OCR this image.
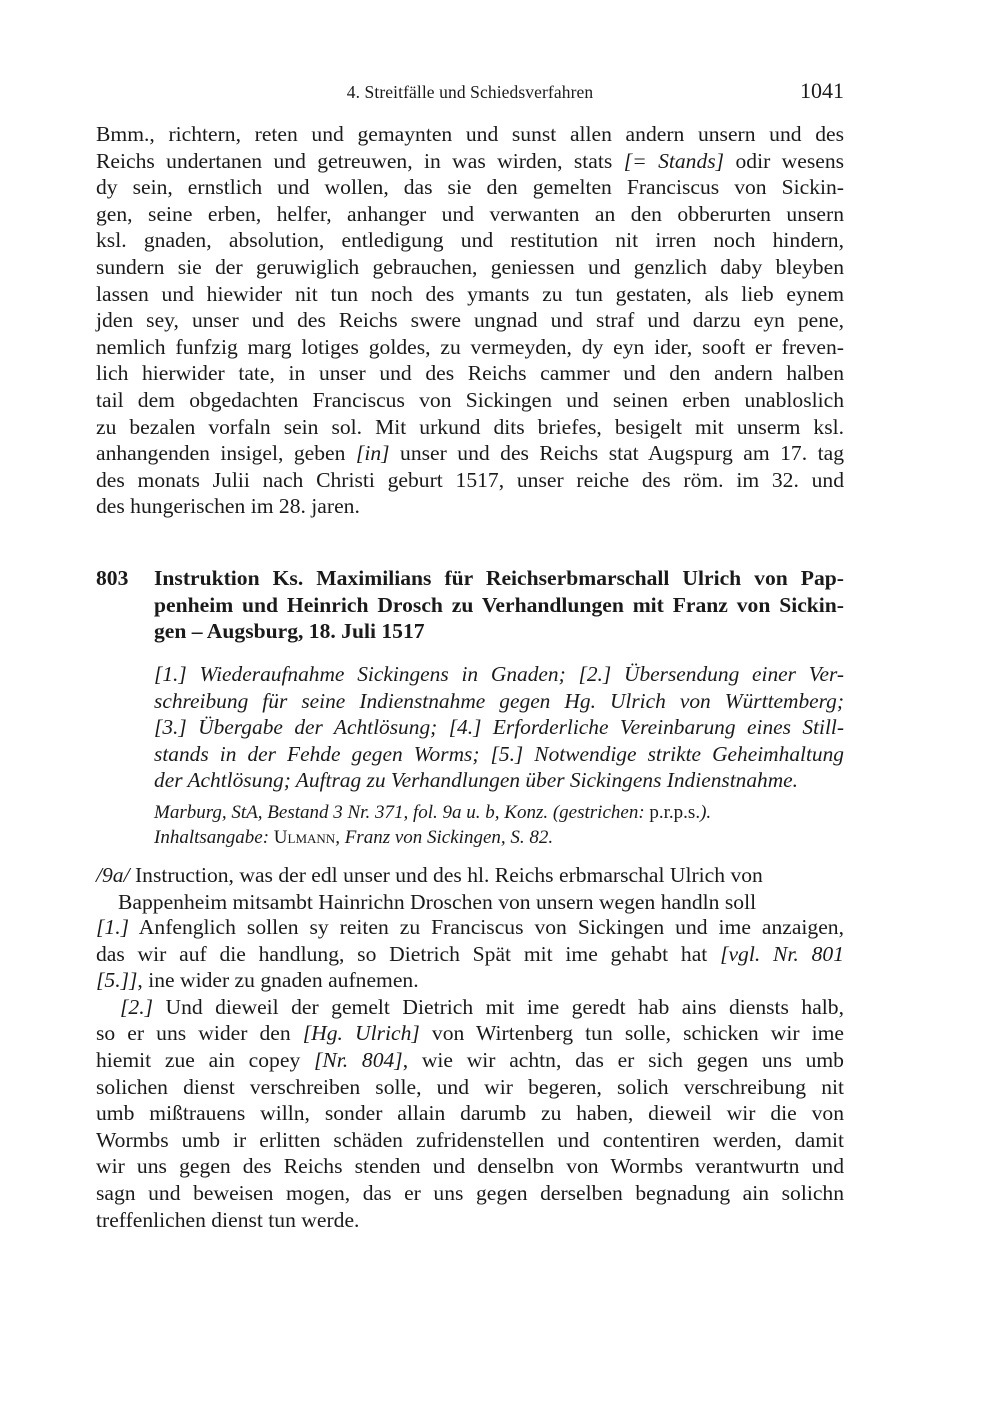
4. Streitfälle und Schiedsverfahren	1041
Bmm., richtern, reten und gemaynten und sunst allen andern unsern und des
Reichs undertanen und getreuwen, in was wirden, stats [= Stands] odir wesens
dy sein, ernstlich und wollen, das sie den gemelten Franciscus von Sickin-
gen, seine erben, helfer, anhanger und verwanten an den obberurten unsern
ksl. gnaden, absolution, entledigung und restitution nit irren noch hindern,
sundern sie der geruwiglich gebrauchen, geniessen und genzlich daby bleyben
lassen und hiewider nit tun noch des ymants zu tun gestaten, als lieb eynem
jden sey, unser und des Reichs swere ungnad und straf und darzu eyn pene,
nemlich funfzig marg lotiges goldes, zu vermeyden, dy eyn ider, sooft er freven-
lich hierwider tate, in unser und des Reichs cammer und den andern halben
tail dem obgedachten Franciscus von Sickingen und seinen erben unabloslich
zu bezalen vorfaln sein sol. Mit urkund dits briefes, besigelt mit unserm ksl.
anhangenden insigel, geben [in] unser und des Reichs stat Augspurg am 17. tag
des monats Julii nach Christi geburt 1517, unser reiche des röm. im 32. und
des hungerischen im 28. jaren.
803 Instruktion Ks. Maximilians für Reichserbmarschall Ulrich von Pap-
penheim und Heinrich Drosch zu Verhandlungen mit Franz von Sickin-
gen – Augsburg, 18. Juli 1517
[1.] Wiederaufnahme Sickingens in Gnaden; [2.] Übersendung einer Ver-
schreibung für seine Indienstnahme gegen Hg. Ulrich von Württemberg;
[3.] Übergabe der Achtlösung; [4.] Erforderliche Vereinbarung eines Still-
stands in der Fehde gegen Worms; [5.] Notwendige strikte Geheimhaltung
der Achtlösung; Auftrag zu Verhandlungen über Sickingens Indienstnahme.
Marburg, StA, Bestand 3 Nr. 371, fol. 9a u. b, Konz. (gestrichen: p.r.p.s.).
Inhaltsangabe: Ulmann, Franz von Sickingen, S. 82.
/9a/ Instruction, was der edl unser und des hl. Reichs erbmarschal Ulrich von
Bappenheim mitsambt Hainrichn Droschen von unsern wegen handln soll
[1.] Anfenglich sollen sy reiten zu Franciscus von Sickingen und ime anzaigen,
das wir auf die handlung, so Dietrich Spät mit ime gehabt hat [vgl. Nr. 801
[5.]], ine wider zu gnaden aufnemen.
[2.] Und dieweil der gemelt Dietrich mit ime geredt hab ains diensts halb,
so er uns wider den [Hg. Ulrich] von Wirtenberg tun solle, schicken wir ime
hiemit zue ain copey [Nr. 804], wie wir achtn, das er sich gegen uns umb
solichen dienst verschreiben solle, und wir begeren, solich verschreibung nit
umb mißtrauens willn, sonder allain darumb zu haben, dieweil wir die von
Wormbs umb ir erlitten schäden zufridenstellen und contentiren werden, damit
wir uns gegen des Reichs stenden und denselbn von Wormbs verantwurtn und
sagn und beweisen mogen, das er uns gegen derselben begnadung ain solichn
treffenlichen dienst tun werde.
